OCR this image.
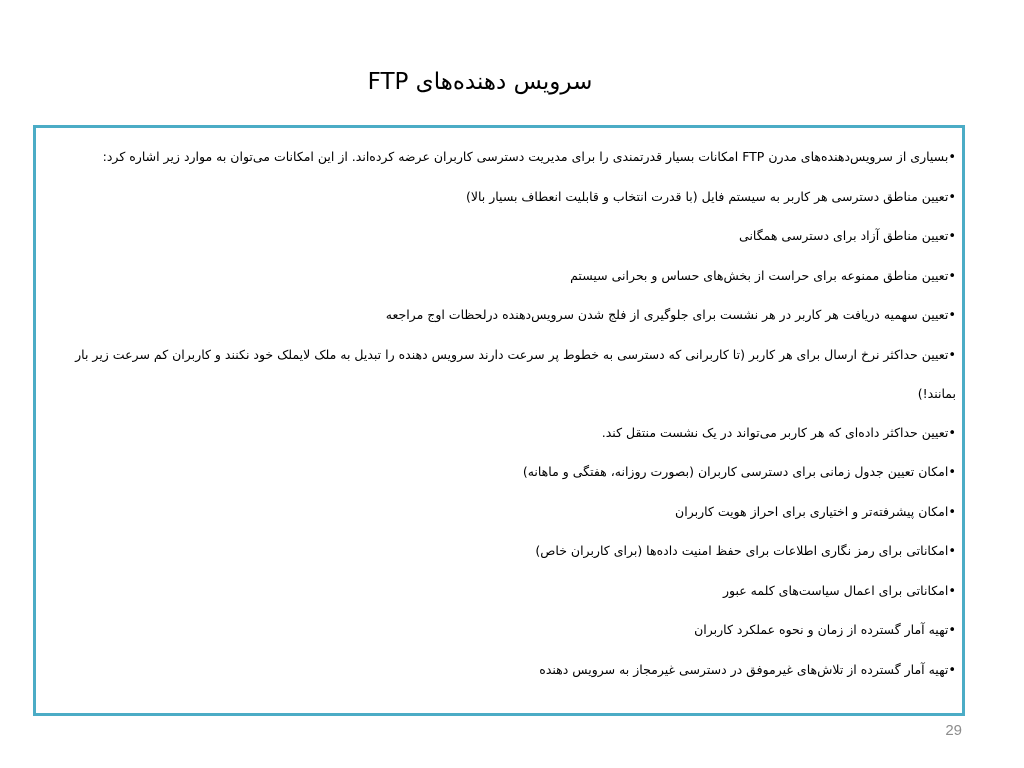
سرویس دهنده‌های FTP
•بسیاری از سرویس‌دهنده‌های مدرن FTP امکانات بسیار قدرتمندی را برای مدیریت دسترسی کاربران عرضه کرده‌اند. از این امکانات می‌توان به موارد زیر اشاره کرد:
•تعیین مناطق دسترسی هر کاربر به سیستم فایل (با قدرت انتخاب و قابلیت انعطاف بسیار بالا)
•تعیین مناطق آزاد برای دسترسی همگانی
•تعیین مناطق ممنوعه برای حراست از بخش‌های حساس و بحرانی سیستم
•تعیین سهمیه دریافت هر کاربر در هر نشست برای جلوگیری از فلج شدن سرویس‌دهنده درلحظات اوج مراجعه
•تعیین حداکثر نرخ ارسال برای هر کاربر (تا کاربرانی که دسترسی به خطوط پر سرعت دارند سرویس دهنده را تبدیل به ملک لایملک خود نکنند و کاربران کم سرعت زیر بار بمانند!)
•تعیین حداکثر داده‌ای که هر کاربر می‌تواند در یک نشست منتقل کند.
•امکان تعیین جدول زمانی برای دسترسی کاربران (بصورت روزانه، هفتگی و ماهانه)
•امکان پیشرفته‌تر و اختیاری برای احراز هویت کاربران
•امکاناتی برای رمز نگاری اطلاعات برای حفظ امنیت داده‌ها (برای کاربران خاص)
•امکاناتی برای اعمال سیاست‌های کلمه عبور
•تهیه آمار گسترده از زمان و نحوه عملکرد کاربران
•تهیه آمار گسترده از تلاش‌های غیرموفق در دسترسی غیرمجاز به سرویس دهنده
29
